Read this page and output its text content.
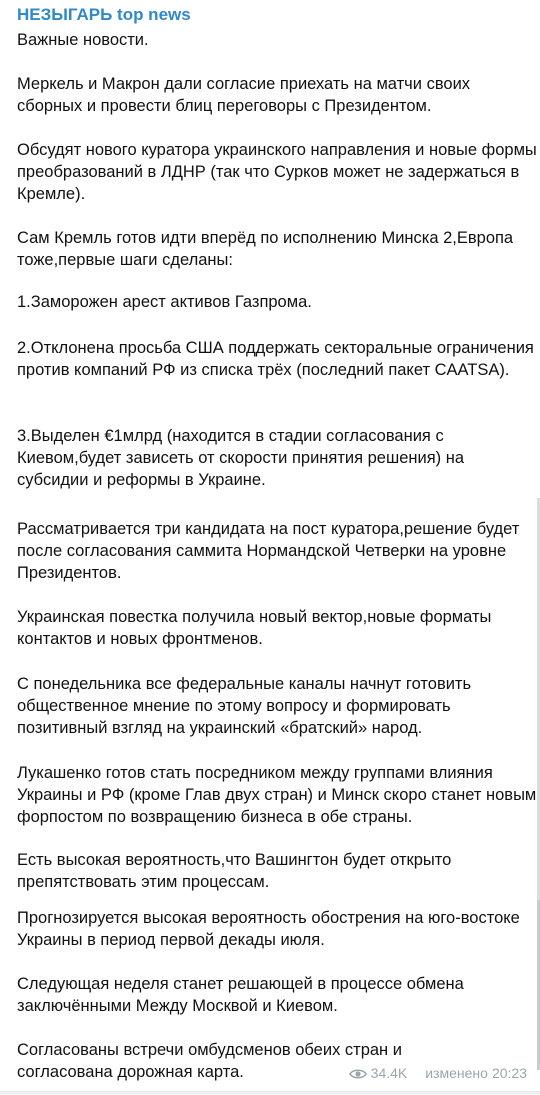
НЕЗЫГАРЬ top news

Важные новости.

Меркель и Макрон дали согласие приехать на матчи своих сборных и провести блиц переговоры с Президентом.

Обсудят нового куратора украинского направления и новые формы преобразований в ЛДНР (так что Сурков может не задержаться в Кремле).

Сам Кремль готов идти вперёд по исполнению Минска 2,Европа тоже,первые шаги сделаны:

1.Заморожен арест активов Газпрома.

2.Отклонена просьба США поддержать секторальные ограничения против компаний РФ из списка трёх (последний пакет CAATSA).

3.Выделен €1млрд (находится в стадии согласования с Киевом,будет зависеть от скорости принятия решения) на субсидии и реформы в Украине.

Рассматривается три кандидата на пост куратора,решение будет после согласования саммита Нормандской Четверки на уровне Президентов.

Украинская повестка получила новый вектор,новые форматы контактов и новых фронтменов.

С понедельника все федеральные каналы начнут готовить общественное мнение по этому вопросу и формировать позитивный взгляд на украинский «братский» народ.

Лукашенко готов стать посредником между группами влияния Украины и РФ (кроме Глав двух стран) и Минск скоро станет новым форпостом по возвращению бизнеса в обе страны.

Есть высокая вероятность,что Вашингтон будет открыто препятствовать этим процессам.

Прогнозируется высокая вероятность обострения на юго-востоке Украины в период первой декады июля.

Следующая неделя станет решающей в процессе обмена заключёнными Между Москвой и Киевом.

Согласованы встречи омбудсменов обеих стран и согласована дорожная карта.	34.4K изменено 20:23
